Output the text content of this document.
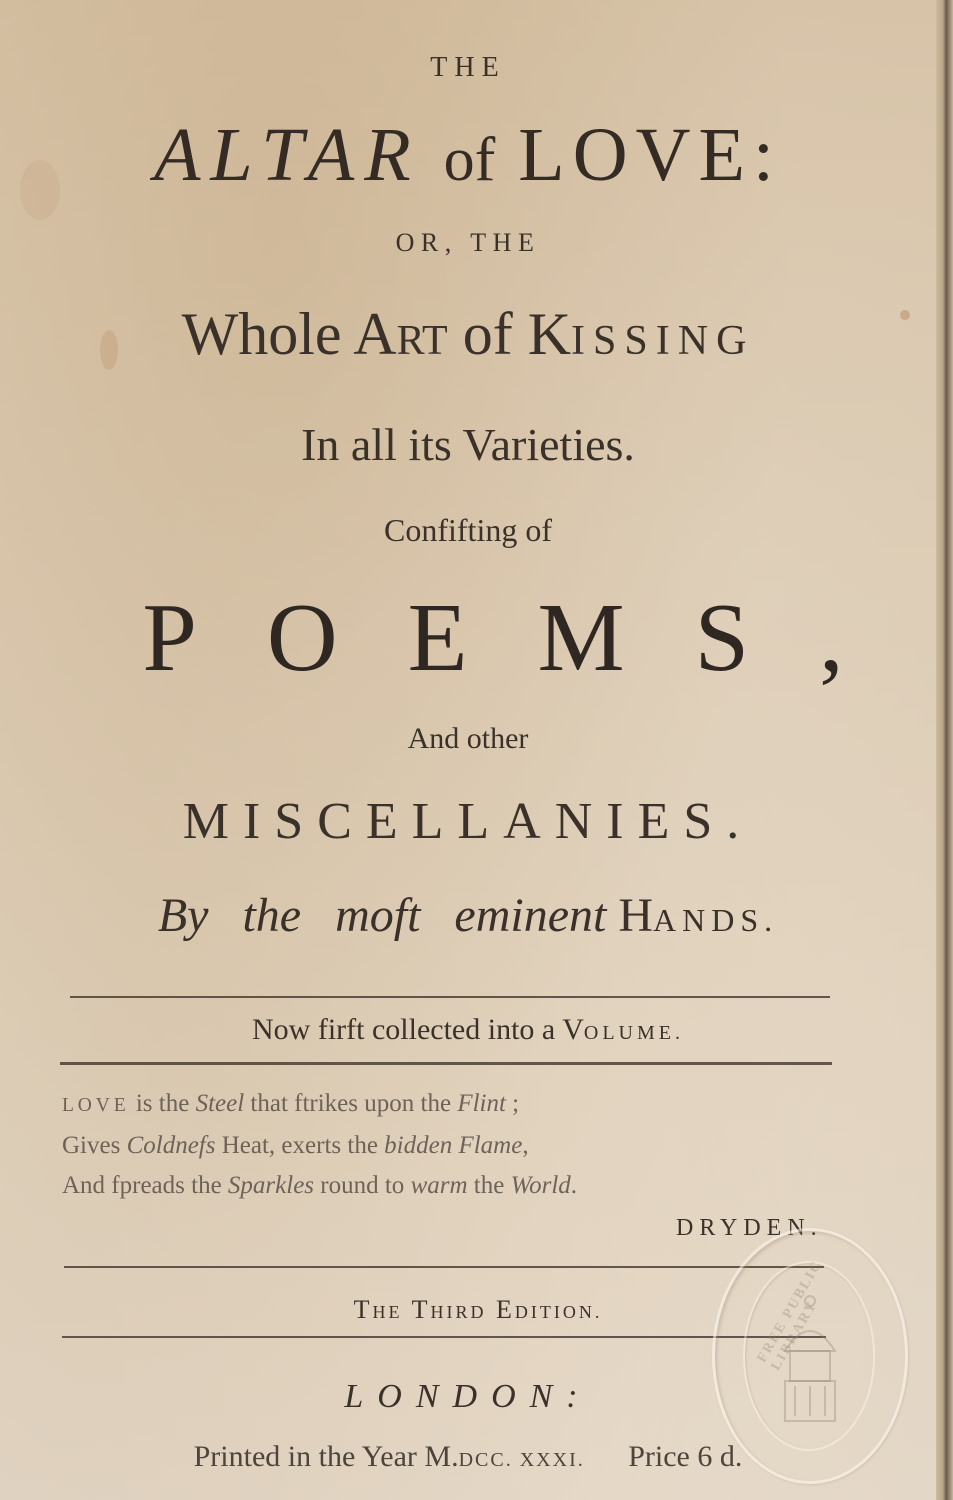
THE
ALTAR of LOVE:
OR, THE
Whole ART of KISSING
In all its Varieties.
Confifting of
POEMS,
And other
MISCELLANIES.
By the moft eminent HANDS.
Now firft collected into a VOLUME.
LOVE is the Steel that ftrikes upon the Flint ;
Gives Coldnefs Heat, exerts the bidden Flame,
And fpreads the Sparkles round to warm the World.
DRYDEN.
THE THIRD EDITION.
LONDON:
Printed in the Year M.DCC. XXXI. Price 6 d.
FREE PUBLIC LIBRARY
